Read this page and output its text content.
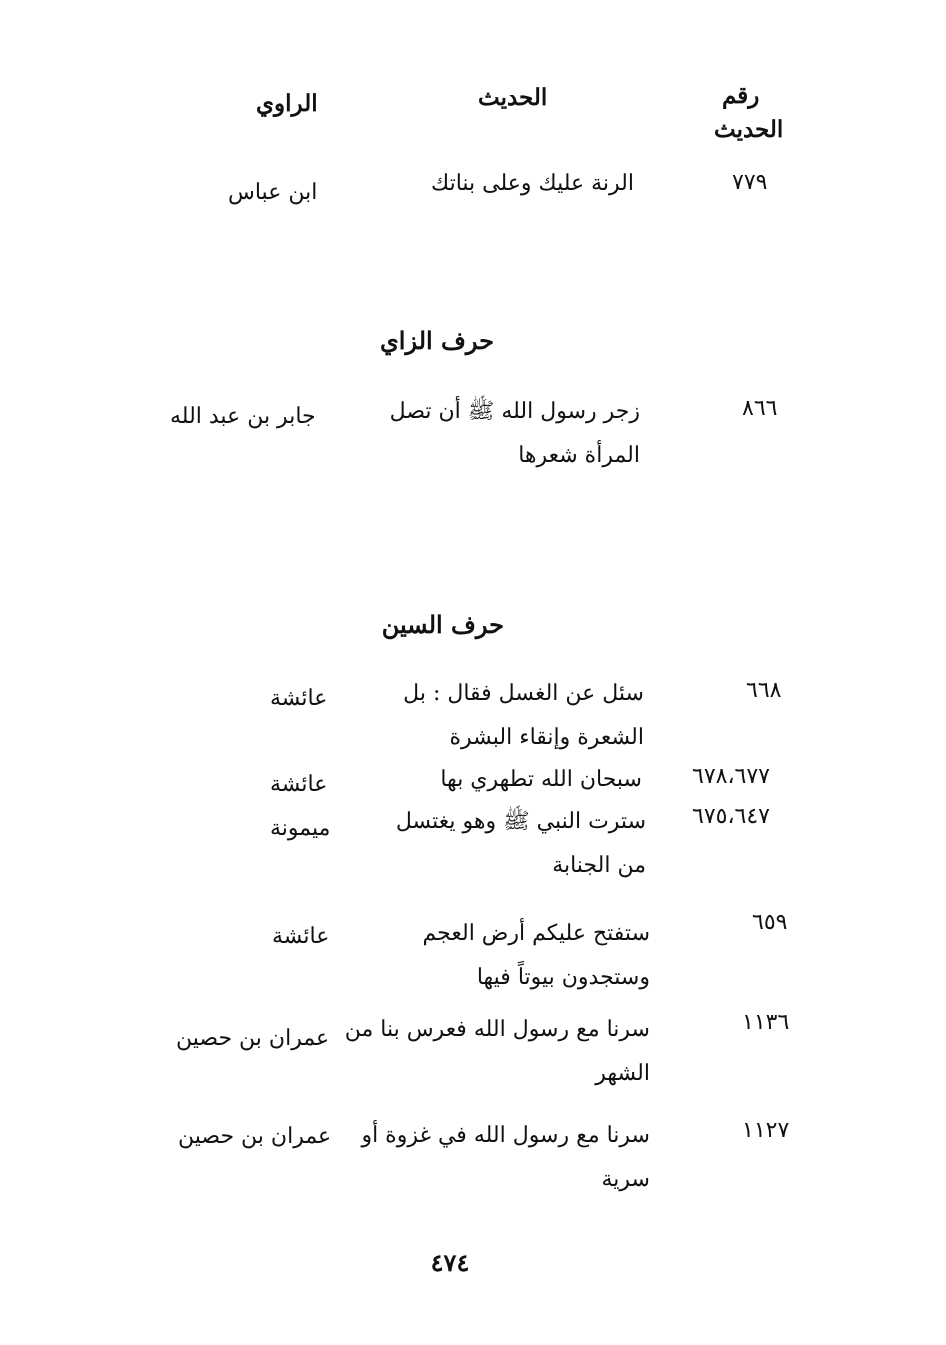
رقم
الحديث
الحديث
الراوي
٧٧٩
الرنة عليك وعلى بناتك
ابن عباس
حرف الزاي
٨٦٦
زجر رسول الله ﷺ أن تصل
المرأة شعرها
جابر بن عبد الله
حرف السين
٦٦٨
سئل عن الغسل فقال : بل
الشعرة وإنقاء البشرة
عائشة
٦٧٨،٦٧٧
سبحان الله تطهري بها
عائشة
٦٧٥،٦٤٧
سترت النبي ﷺ وهو يغتسل
من الجنابة
ميمونة
٦٥٩
ستفتح عليكم أرض العجم
وستجدون بيوتاً فيها
عائشة
١١٣٦
سرنا مع رسول الله فعرس بنا من
الشهر
عمران بن حصين
١١٢٧
سرنا مع رسول الله في غزوة أو
سرية
عمران بن حصين
٤٧٤
